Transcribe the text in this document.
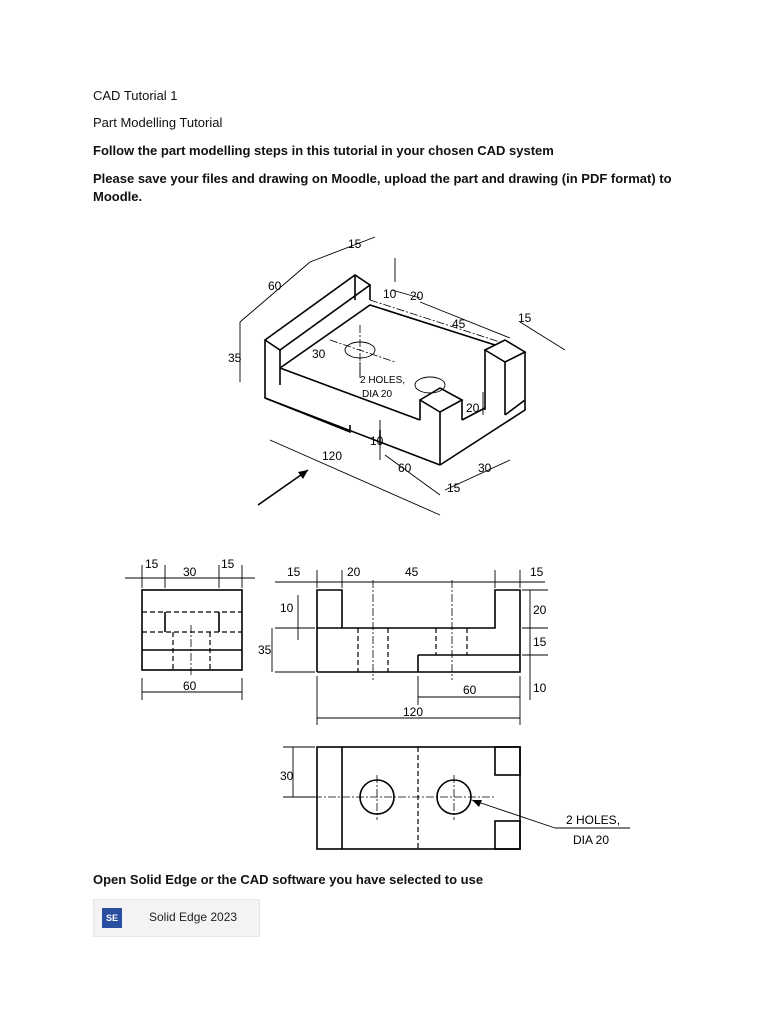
CAD Tutorial 1
Part Modelling Tutorial
Follow the part modelling steps in this tutorial in your chosen CAD system
Please save your files and drawing on Moodle, upload the part and drawing (in PDF format) to
Moodle.
15
60
10 20
45	15
35	30
2 HOLES,
DIA 20
20
120
10
60
15
30
15
30
15
60
15	20	45	15
10
35
20
15
10
60
120
30
2 HOLES,
DIA 20
Open Solid Edge or the CAD software you have selected to use
SE	Solid Edge 2023
